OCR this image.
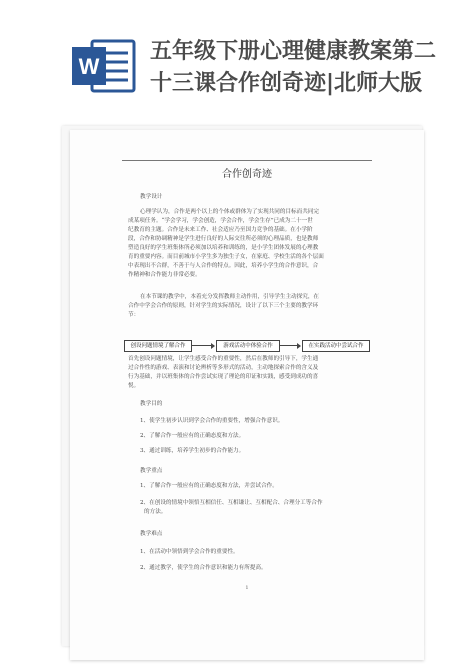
W
五年级下册心理健康教案第二
十三课合作创奇迹|北师大版
合作创奇迹
教学设计
心理学认为，合作是两个以上的个体或群体为了实现共同的目标而共同完
成某项任务。“学会学习，学会创造，学会合作，学会生存”已成为二十一世
纪教育的主题。合作是未来工作、社会适应乃至国力竞争的基础。在小学阶
段，合作和协调精神是学生进行良好的人际交往所必须的心理品质，也是教师
塑造良好的学生班集体所必须加以培养和训练的，是小学生团体发展的心理教
育的重要内容。而目前城市小学生多为独生子女，在家庭、学校生活的各个层面
中表现出不合群，不善于与人合作的特点。因此，培养小学生的合作意识，合
作精神和合作能力非常必要。
在本节课的教学中，本着充分发挥教师主动作用，引导学生主动探究，在
合作中学会合作的原则，针对学生的实际情况，设计了以下三个主要的教学环
节：
创设问题情境了解合作	游戏活动中体验合作	在实践活动中尝试合作
首先创设问题情境，让学生感受合作的重要性，然后在教师的引导下，学生通
过合作性的游戏、表演和讨论辨析等多形式的活动，主动地探索合作的含义及
行为基础，并以班集体的合作尝试实现了理论的印证和实践，感受到成功的喜
悦。
教学目的
1、使学生初步认识到学会合作的重要性，增强合作意识。
2、了解合作一般应有的正确态度和方法。
3、通过训练，培养学生初步的合作能力。
教学重点
1、了解合作一般应有的正确态度和方法，并尝试合作。
2、在创设的情境中领悟互相信任、互相谦让、互相配合、合理分工等合作
的方法。
教学难点
1、在活动中领悟到学会合作的重要性。
2、通过教学，使学生的合作意识和能力有所提高。
1
